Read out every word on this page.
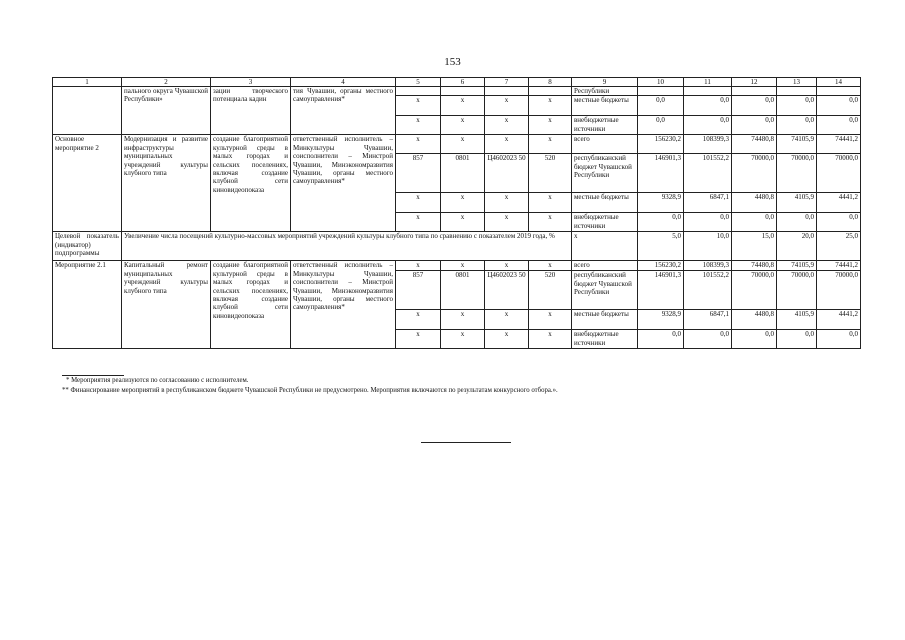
153
1	2	3	4	5	6	7	8	9	10	11	12	13	14
	пального округа Чувашской Республики»	зации творческого потенциала кадин	тия Чувашии, органы местного самоуправления*					Республики					
				x	x	x	x	местные бюджеты	0,0	0,0	0,0	0,0	0,0
				x	x	x	x	внебюджетные источники	0,0	0,0	0,0	0,0	0,0
Основное мероприятие 2	Модернизация и развитие инфраструктуры муниципальных учреждений культуры клубного типа	создание благоприятной культурной среды в малых городах и сельских поселениях, включая создание клубной сети киновидеопоказа	ответственный исполнитель – Минкультуры Чувашии, соисполнители – Минстрой Чувашии, Минэкономразвития Чувашии, органы местного самоуправления*	x	x	x	x	всего	156230,2	108399,3	74480,8	74105,9	74441,2
				857	0801	Ц4602023 50	520	республиканский бюджет Чувашской Республики	146901,3	101552,2	70000,0	70000,0	70000,0
				x	x	x	x	местные бюджеты	9328,9	6847,1	4480,8	4105,9	4441,2
				x	x	x	x	внебюджетные источники	0,0	0,0	0,0	0,0	0,0
Целевой показатель (индикатор) подпрограммы	Увеличение числа посещений культурно-массовых мероприятий учреждений культуры клубного типа по сравнению с показателем 2019 года, %							x	5,0	10,0	15,0	20,0	25,0
Мероприятие 2.1	Капитальный ремонт муниципальных учреждений культуры клубного типа	создание благоприятной культурной среды в малых городах и сельских поселениях, включая создание клубной сети киновидеопоказа	ответственный исполнитель – Минкультуры Чувашии, соисполнители – Минстрой Чувашии, Минэкономразвития Чувашии, органы местного самоуправления*	x	x	x	x	всего	156230,2	108399,3	74480,8	74105,9	74441,2
				857	0801	Ц4602023 50	520	республиканский бюджет Чувашской Республики	146901,3	101552,2	70000,0	70000,0	70000,0
				x	x	x	x	местные бюджеты	9328,9	6847,1	4480,8	4105,9	4441,2
				x	x	x	x	внебюджетные источники	0,0	0,0	0,0	0,0	0,0
* Мероприятия реализуются по согласованию с исполнителем.
** Финансирование мероприятий в республиканском бюджете Чувашской Республики не предусмотрено. Мероприятия включаются по результатам конкурсного отбора.».
